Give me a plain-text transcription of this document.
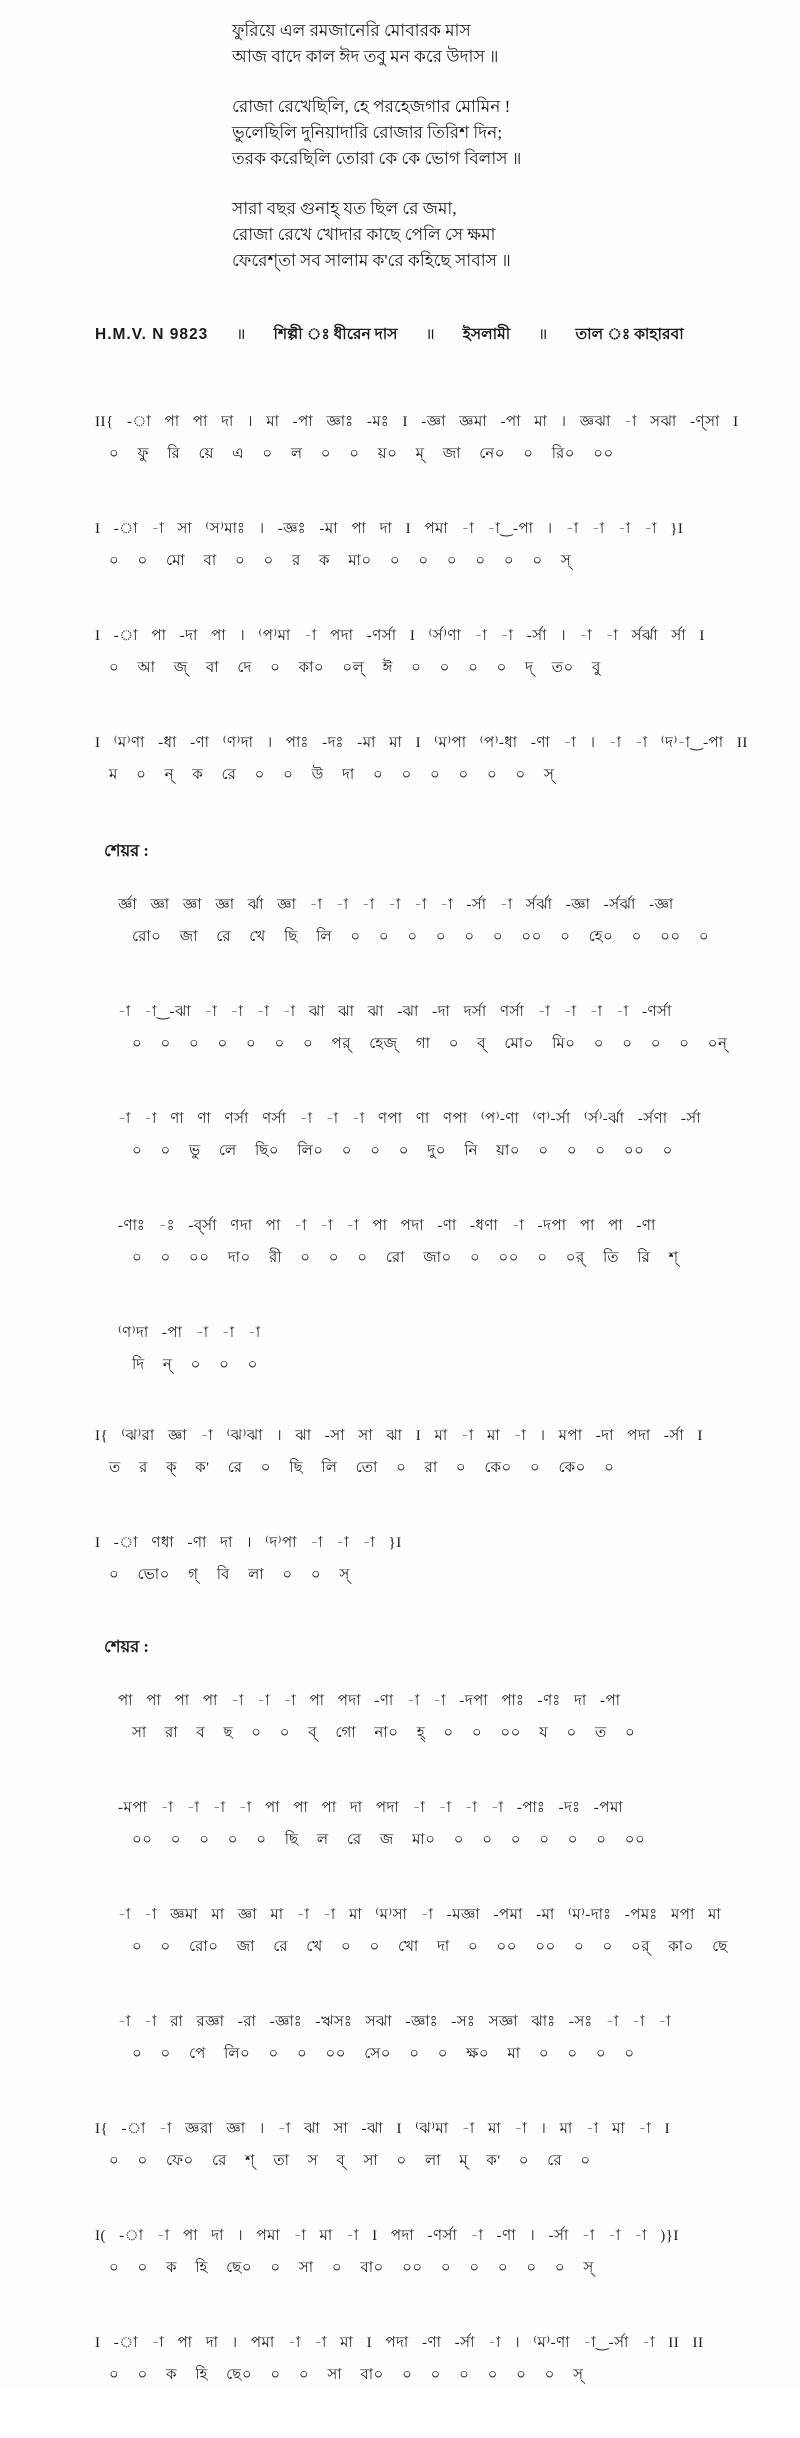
ফুরিয়ে এল রমজানেরি মোবারক মাস
আজ বাদে কাল ঈদ তবু মন করে উদাস ॥
রোজা রেখেছিলি, হে পরহেজগার মোমিন !
ভুলেছিলি দুনিয়াদারি রোজার তিরিশ দিন;
তরক করেছিলি তোরা কে কে ভোগ বিলাস ॥
সারা বছর গুনাহ্ যত ছিল রে জমা,
রোজা রেখে খোদার কাছে পেলি সে ক্ষমা
ফেরেশ্‌তা সব সালাম ক'রে কহিছে সাবাস ॥
H.M.V. N 9823 ॥ শিল্পী ঃ ধীরেন দাস ॥ ইসলামী ॥ তাল ঃ কাহারবা
II{ -া পা পা দা । মা -পা জ্ঞাঃ -মঃ I -জ্ঞা জ্ঞমা -পা মা । জ্ঞঝা -া সঝা -ণ্সা I
০ ফু রি য়ে এ ০ ল ০ ০ য়০ ম্ জা নে০ ০ রি০ ০০
I -া -া সা ⁽স⁾মাঃ । -জ্ঞঃ -মা পা দা I পমা -া -া‿-পা । -া -া -া -া }I
০ ০ মো বা ০ ০ র ক মা০ ০ ০ ০ ০ ০ ০ স্
I -া পা -দা পা । ⁽প⁾মা -া পদা -ণর্সা I ⁽র্স⁾ণা -া -া -র্সা । -া -া র্সর্ঝা র্সা I
০ আ জ্ বা দে ০ কা০ ০ল্ ঈ ০ ০ ০ ০ দ্ ত০ বু
I ⁽ম⁾ণা -ধা -ণা ⁽ণ⁾দা । পাঃ -দঃ -মা মা I ⁽ম⁾পা ⁽প⁾-ধা -ণা -া । -া -া ⁽দ⁾-া‿-পা II
ম ০ ন্ ক রে ০ ০ উ দা ০ ০ ০ ০ ০ ০ স্
শেয়র :
র্জ্ঞা জ্ঞা জ্ঞা জ্ঞা র্ঝা জ্ঞা -া -া -া -া -া -া -র্সা -া র্সর্ঝা -জ্ঞা -র্সর্ঝা -জ্ঞা
রো০ জা রে খে ছি লি ০ ০ ০ ০ ০ ০ ০০ ০ হে০ ০ ০০ ০
-া -া‿-ঝা -া -া -া -া ঝা ঝা ঝা -ঝা -দা দর্সা ণর্সা -া -া -া -া -ণর্সা
০ ০ ০ ০ ০ ০ ০ পর্ হেজ্ গা ০ ব্ মো০ মি০ ০ ০ ০ ০ ০ন্
-া -া ণা ণা ণর্সা ণর্সা -া -া -া ণপা ণা ণপা ⁽প⁾-ণা ⁽ণ⁾-র্সা ⁽র্স⁾-র্ঝা -র্সণা -র্সা
০ ০ ভু লে ছি০ লি০ ০ ০ ০ দু০ নি য়া০ ০ ০ ০ ০০ ০
-ণাঃ -ঃ -র্ব্সা ণদা পা -া -া -া পা পদা -ণা -ধণা -া -দপা পা পা -ণা
০ ০ ০০ দা০ রী ০ ০ ০ রো জা০ ০ ০০ ০ ০র্ তি রি শ্
⁽ণ⁾দা -পা -া -া -া
দি ন্ ০ ০ ০
I{ ⁽ঝ⁾রা জ্ঞা -া ⁽ঝ⁾ঝা । ঝা -সা সা ঝা I মা -া মা -া । মপা -দা পদা -র্সা I
ত র ক্ ক' রে ০ ছি লি তো ০ রা ০ কে০ ০ কে০ ০
I -া ণধা -ণা দা । ⁽দ⁾পা -া -া -া }I
০ ভো০ গ্ বি লা ০ ০ স্
শেয়র :
পা পা পা পা -া -া -া পা পদা -ণা -া -া -দপা পাঃ -ণঃ দা -পা
সা রা ব ছ ০ ০ ব্ গো না০ হ্ ০ ০ ০০ য ০ ত ০
-মপা -া -া -া -া পা পা পা দা পদা -া -া -া -া -পাঃ -দঃ -পমা
০০ ০ ০ ০ ০ ছি ল রে জ মা০ ০ ০ ০ ০ ০ ০ ০০
-া -া জ্ঞমা মা জ্ঞা মা -া -া মা ⁽ম⁾সা -া -মজ্ঞা -পমা -মা ⁽ম⁾-দাঃ -পমঃ মপা মা
০ ০ রো০ জা রে খে ০ ০ খো দা ০ ০০ ০০ ০ ০ ০র্ কা০ ছে
-া -া রা রজ্ঞা -রা -জ্ঞাঃ -ঋসঃ সঝা -জ্ঞাঃ -সঃ সজ্ঞা ঝাঃ -সঃ -া -া -া
০ ০ পে লি০ ০ ০ ০০ সে০ ০ ০ ক্ষ০ মা ০ ০ ০ ০
I{ -া -া জ্ঞরা জ্ঞা । -া ঝা সা -ঝা I ⁽ঝ⁾মা -া মা -া । মা -া মা -া I
০ ০ ফে০ রে শ্ তা স ব্ সা ০ লা ম্ ক' ০ রে ০
I( -া -া পা দা । পমা -া মা -া I পদা -ণর্সা -া -ণা । -র্সা -া -া -া )}I
০ ০ ক হি ছে০ ০ সা ০ বা০ ০০ ০ ০ ০ ০ ০ স্
I -া -া পা দা । পমা -া -া মা I পদা -ণা -র্সা -া । ⁽ম⁾-ণা -া‿-র্সা -া II II
০ ০ ক হি ছে০ ০ ০ সা বা০ ০ ০ ০ ০ ০ ০ স্
